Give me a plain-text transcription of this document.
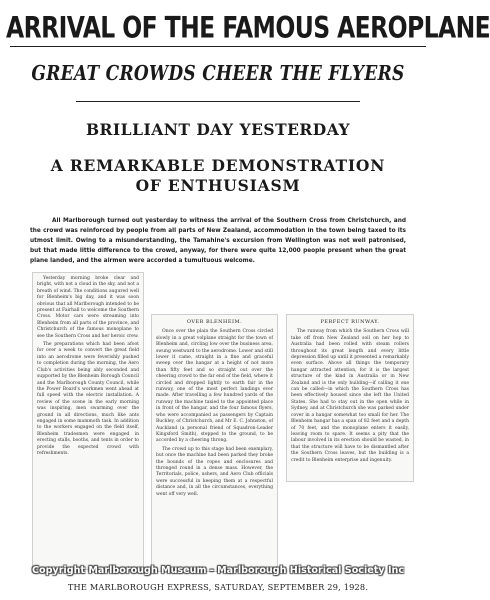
ARRIVAL OF THE FAMOUS AEROPLANE
GREAT CROWDS CHEER THE FLYERS
BRILLIANT DAY YESTERDAY
A REMARKABLE DEMONSTRATION
OF ENTHUSIASM
All Marlborough turned out yesterday to witness the arrival of the Southern Cross from Christchurch, and the crowd was reinforced by people from all parts of New Zealand, accommodation in the town being taxed to its utmost limit. Owing to a misunderstanding, the Tamahine's excursion from Wellington was not well patronised, but that made little difference to the crowd, anyway, for there were quite 12,000 people present when the great plane landed, and the airmen were accorded a tumultuous welcome.

Yesterday morning broke clear and bright, with not a cloud in the sky, and not a breath of wind. The conditions augured well for Blenheim's big day, and it was soon obvious that all Marlborough intended to be present at Fairhall to welcome the Southern Cross. Motor cars were streaming into Blenheim from all parts of the province, and Christchurch of the famous monoplane to see the Southern Cross and her heroic crew.

The preparations which had been afoot for over a week to convert the great field into an aerodrome were feverishly pushed to completion during the morning, the Aero Club's activities being ably seconded and supported by the Blenheim Borough Council and the Marlborough County Council, while the Power Board's workmen went ahead at full speed with the electric installation. A review of the scene in the early morning was inspiring, men swarming over the ground in all directions, much like ants engaged in some mammoth task. In addition to the workers engaged on the field itself, Blenheim tradesmen were engaged in erecting stalls, booths, and tents in order to provide the expected crowd with refreshments.

OVER BLENHEIM.

Once over the plain the Southern Cross circled slowly in a great volplane straight for the town of Blenheim and, circling low over the business area, swung westward to the aerodrome. Lower and still lower it came, straight in a fine and graceful sweep over the hangar at a height of not more than fifty feet and so straight out over the cheering crowd to the far end of the field, where it circled and dropped lightly to earth fair in the runway, one of the most perfect landings ever made. After travelling a few hundred yards of the runway the machine taxied to the appointed place in front of the hangar, and the four famous flyers, who were accompanied as passengers by Captain Buckley, of Christchurch, and Mr E. C. Johnston, of Auckland (a personal friend of Squadron-Leader Kingsford Smith), stepped to the ground, to be accorded by a cheering throng.

The crowd up to this stage had been exemplary, but once the machine had been parked they broke the bounds of the ropes and enclosures and thronged round in a dense mass. However, the Territorials, police, ushers, and Aero Club officials were successful in keeping them at a respectful distance and, in all the circumstances, everything went off very well.

PERFECT RUNWAY.

The runway from which the Southern Cross will take off from New Zealand soil on her hop to Australia had been rolled with steam rollers throughout its great length and every little depression filled up until it presented a remarkably even surface. Above all things the temporary hangar attracted attention, for it is the largest structure of the kind in Australia or in New Zealand and is the only building—if calling it one can be called—in which the Southern Cross has been effectively housed since she left the United States. She had to stay out in the open while in Sydney, and at Christchurch she was parked under cover in a hangar somewhat too small for her. The Blenheim hangar has a span of 82 feet and a depth of 70 feet, and the monoplane enters it easily, leaving room to spare. It seems a pity that the labour involved in its erection should be wasted, in that the structure will have to be dismantled after the Southern Cross leaves, but the building is a credit to Blenheim enterprise and ingenuity.

Copyright Marlborough Museum - Marlborough Historical Society Inc
THE MARLBOROUGH EXPRESS, SATURDAY, SEPTEMBER 29, 1928.
